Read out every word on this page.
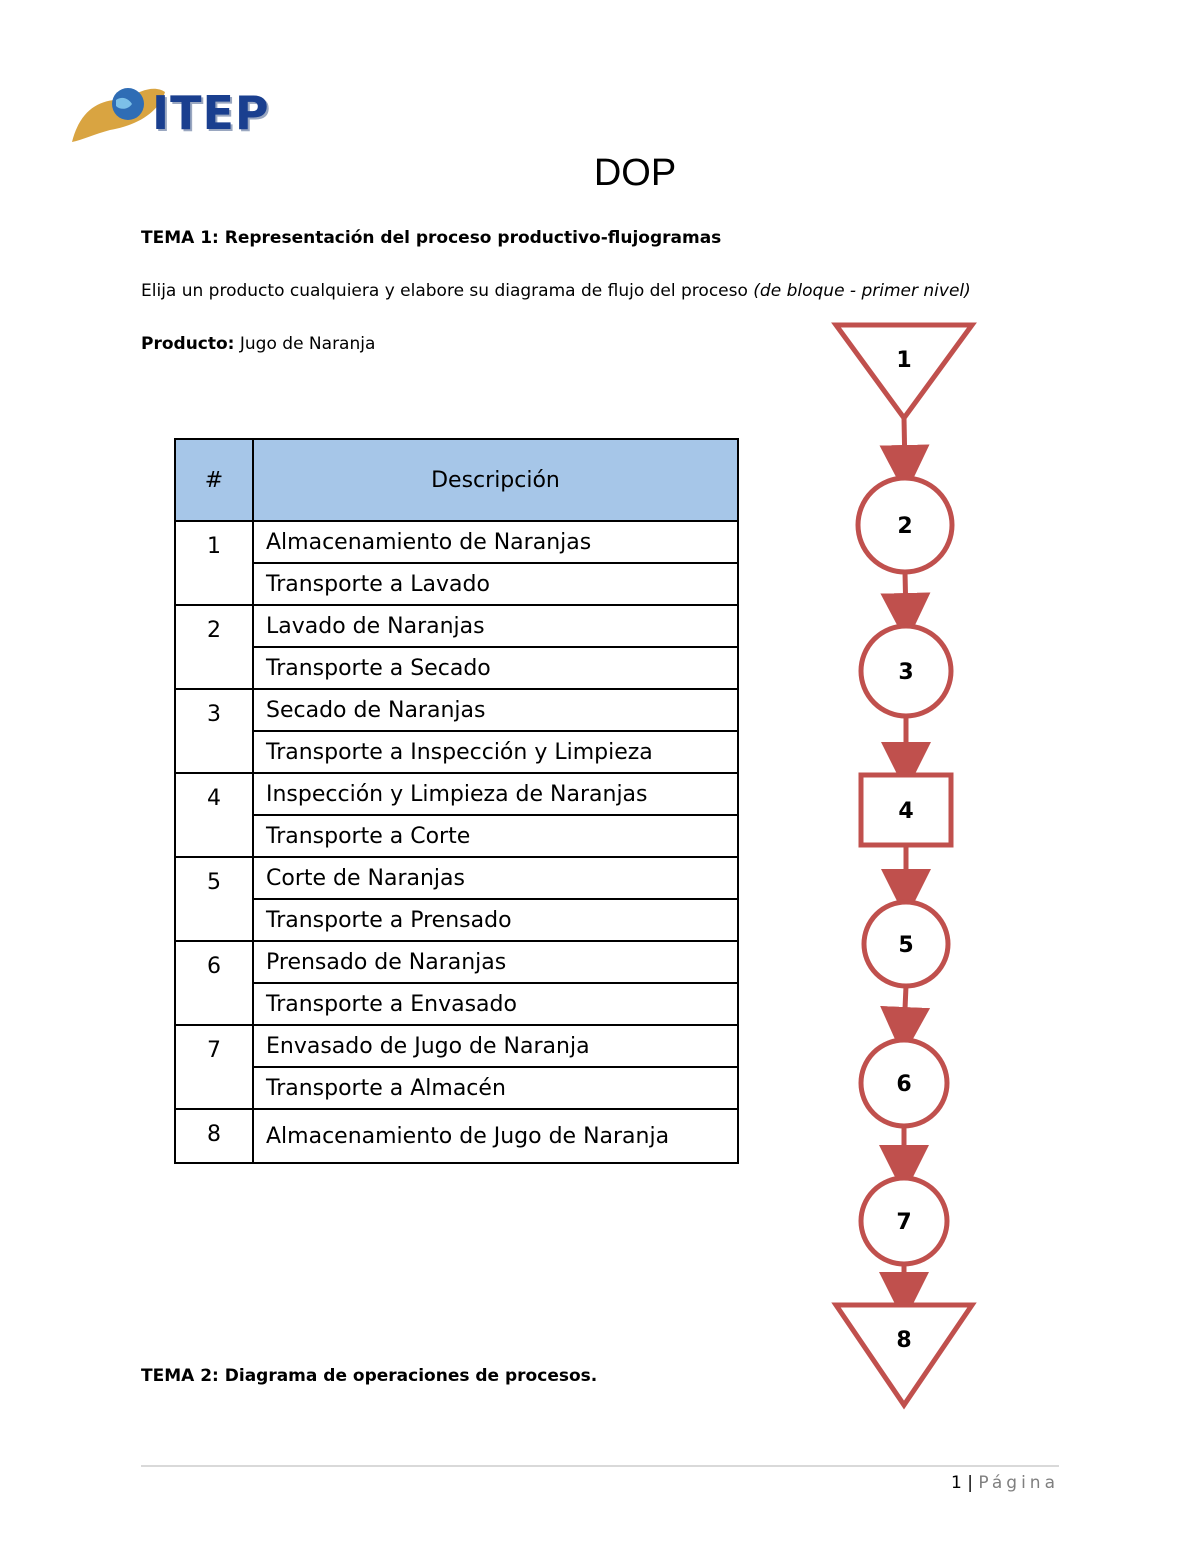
ITEP
DOP
TEMA 1: Representación del proceso productivo-flujogramas
Elija un producto cualquiera y elabore su diagrama de flujo del proceso (de bloque - primer nivel)
Producto: Jugo de Naranja
#	Descripción
1	Almacenamiento de Naranjas
	Transporte a Lavado
2	Lavado de Naranjas
	Transporte a Secado
3	Secado de Naranjas
	Transporte a Inspección y Limpieza
4	Inspección y Limpieza de Naranjas
	Transporte a Corte
5	Corte de Naranjas
	Transporte a Prensado
6	Prensado de Naranjas
	Transporte a Envasado
7	Envasado de Jugo de Naranja
	Transporte a Almacén
8	Almacenamiento de Jugo de Naranja
1
2
3
4
5
6
7
8
TEMA 2: Diagrama de operaciones de procesos.
1 | Página
